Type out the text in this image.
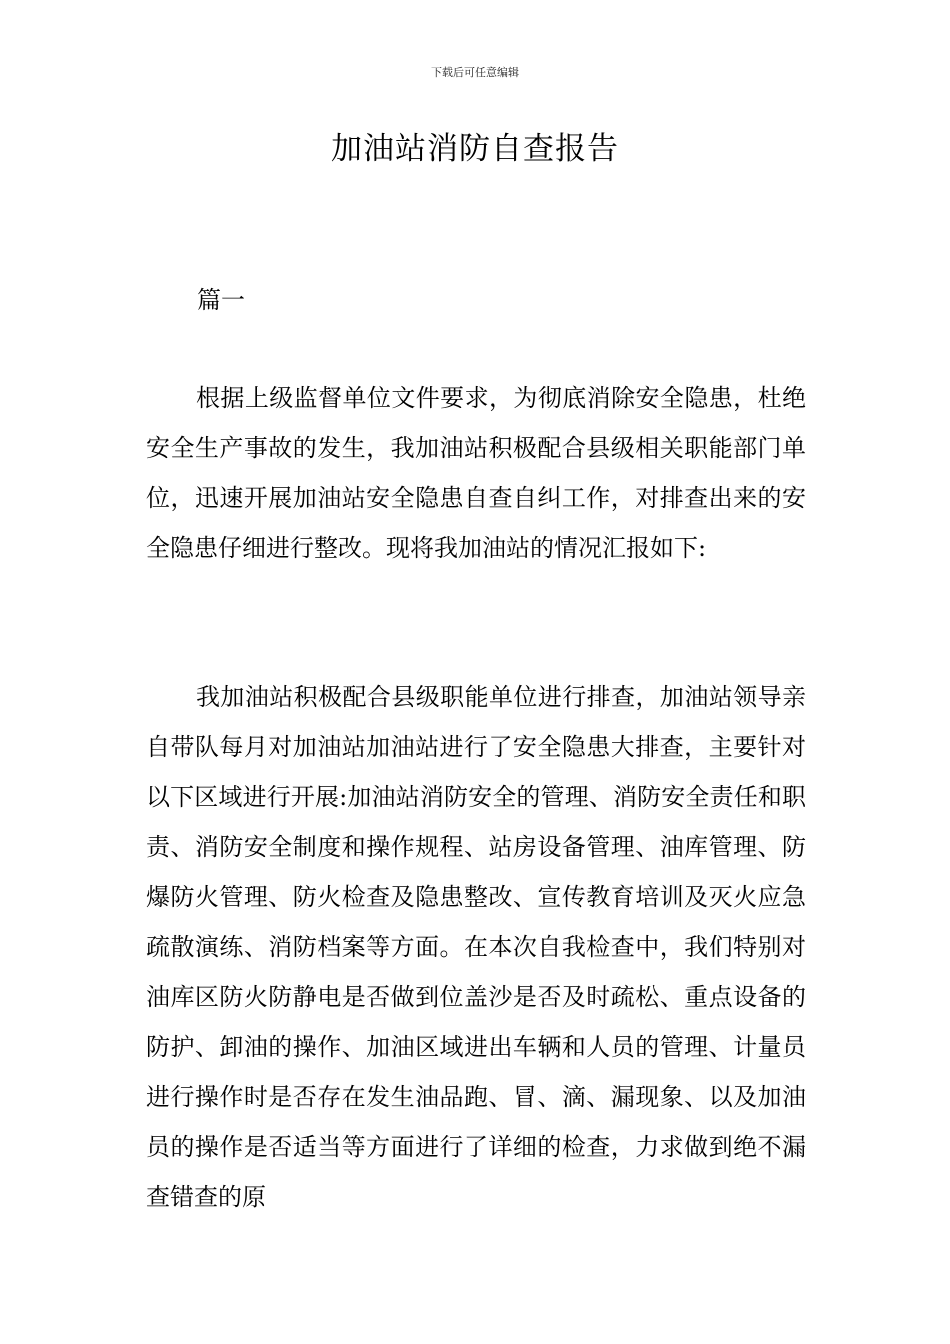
下载后可任意编辑
加油站消防自查报告
篇一

根据上级监督单位文件要求，为彻底消除安全隐患，杜绝安全生产事故的发生，我加油站积极配合县级相关职能部门单位，迅速开展加油站安全隐患自查自纠工作，对排查出来的安全隐患仔细进行整改。现将我加油站的情况汇报如下:

我加油站积极配合县级职能单位进行排查，加油站领导亲自带队每月对加油站加油站进行了安全隐患大排查，主要针对以下区域进行开展:加油站消防安全的管理、消防安全责任和职责、消防安全制度和操作规程、站房设备管理、油库管理、防爆防火管理、防火检查及隐患整改、宣传教育培训及灭火应急疏散演练、消防档案等方面。在本次自我检查中，我们特别对油库区防火防静电是否做到位盖沙是否及时疏松、重点设备的防护、卸油的操作、加油区域进出车辆和人员的管理、计量员进行操作时是否存在发生油品跑、冒、滴、漏现象、以及加油员的操作是否适当等方面进行了详细的检查，力求做到绝不漏查错查的原
